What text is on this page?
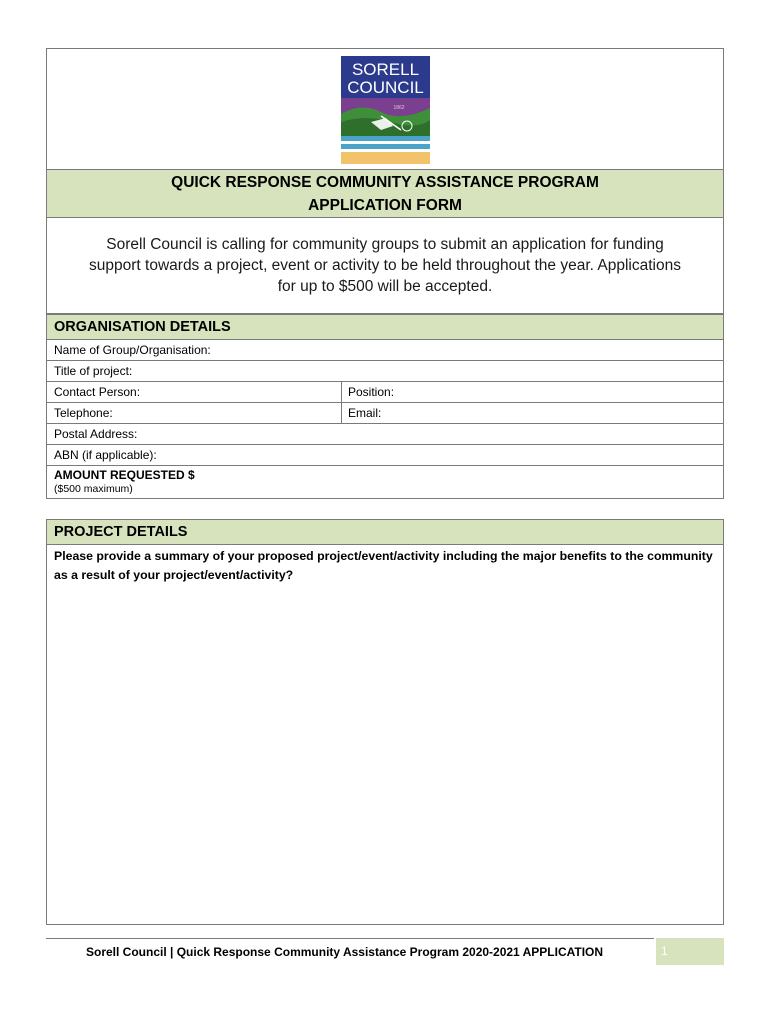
SORELL
COUNCIL
1862
QUICK RESPONSE COMMUNITY ASSISTANCE PROGRAM
APPLICATION FORM
Sorell Council is calling for community groups to submit an application for funding
support towards a project, event or activity to be held throughout the year. Applications
for up to $500 will be accepted.
ORGANISATION DETAILS
Name of Group/Organisation:
Title of project:
Contact Person:	Position:
Telephone:	Email:
Postal Address:
ABN (if applicable):
AMOUNT REQUESTED $
($500 maximum)
PROJECT DETAILS
Please provide a summary of your proposed project/event/activity including the major benefits to the community as a result of your project/event/activity?
Sorell Council | Quick Response Community Assistance Program 2020-2021 APPLICATION	1
